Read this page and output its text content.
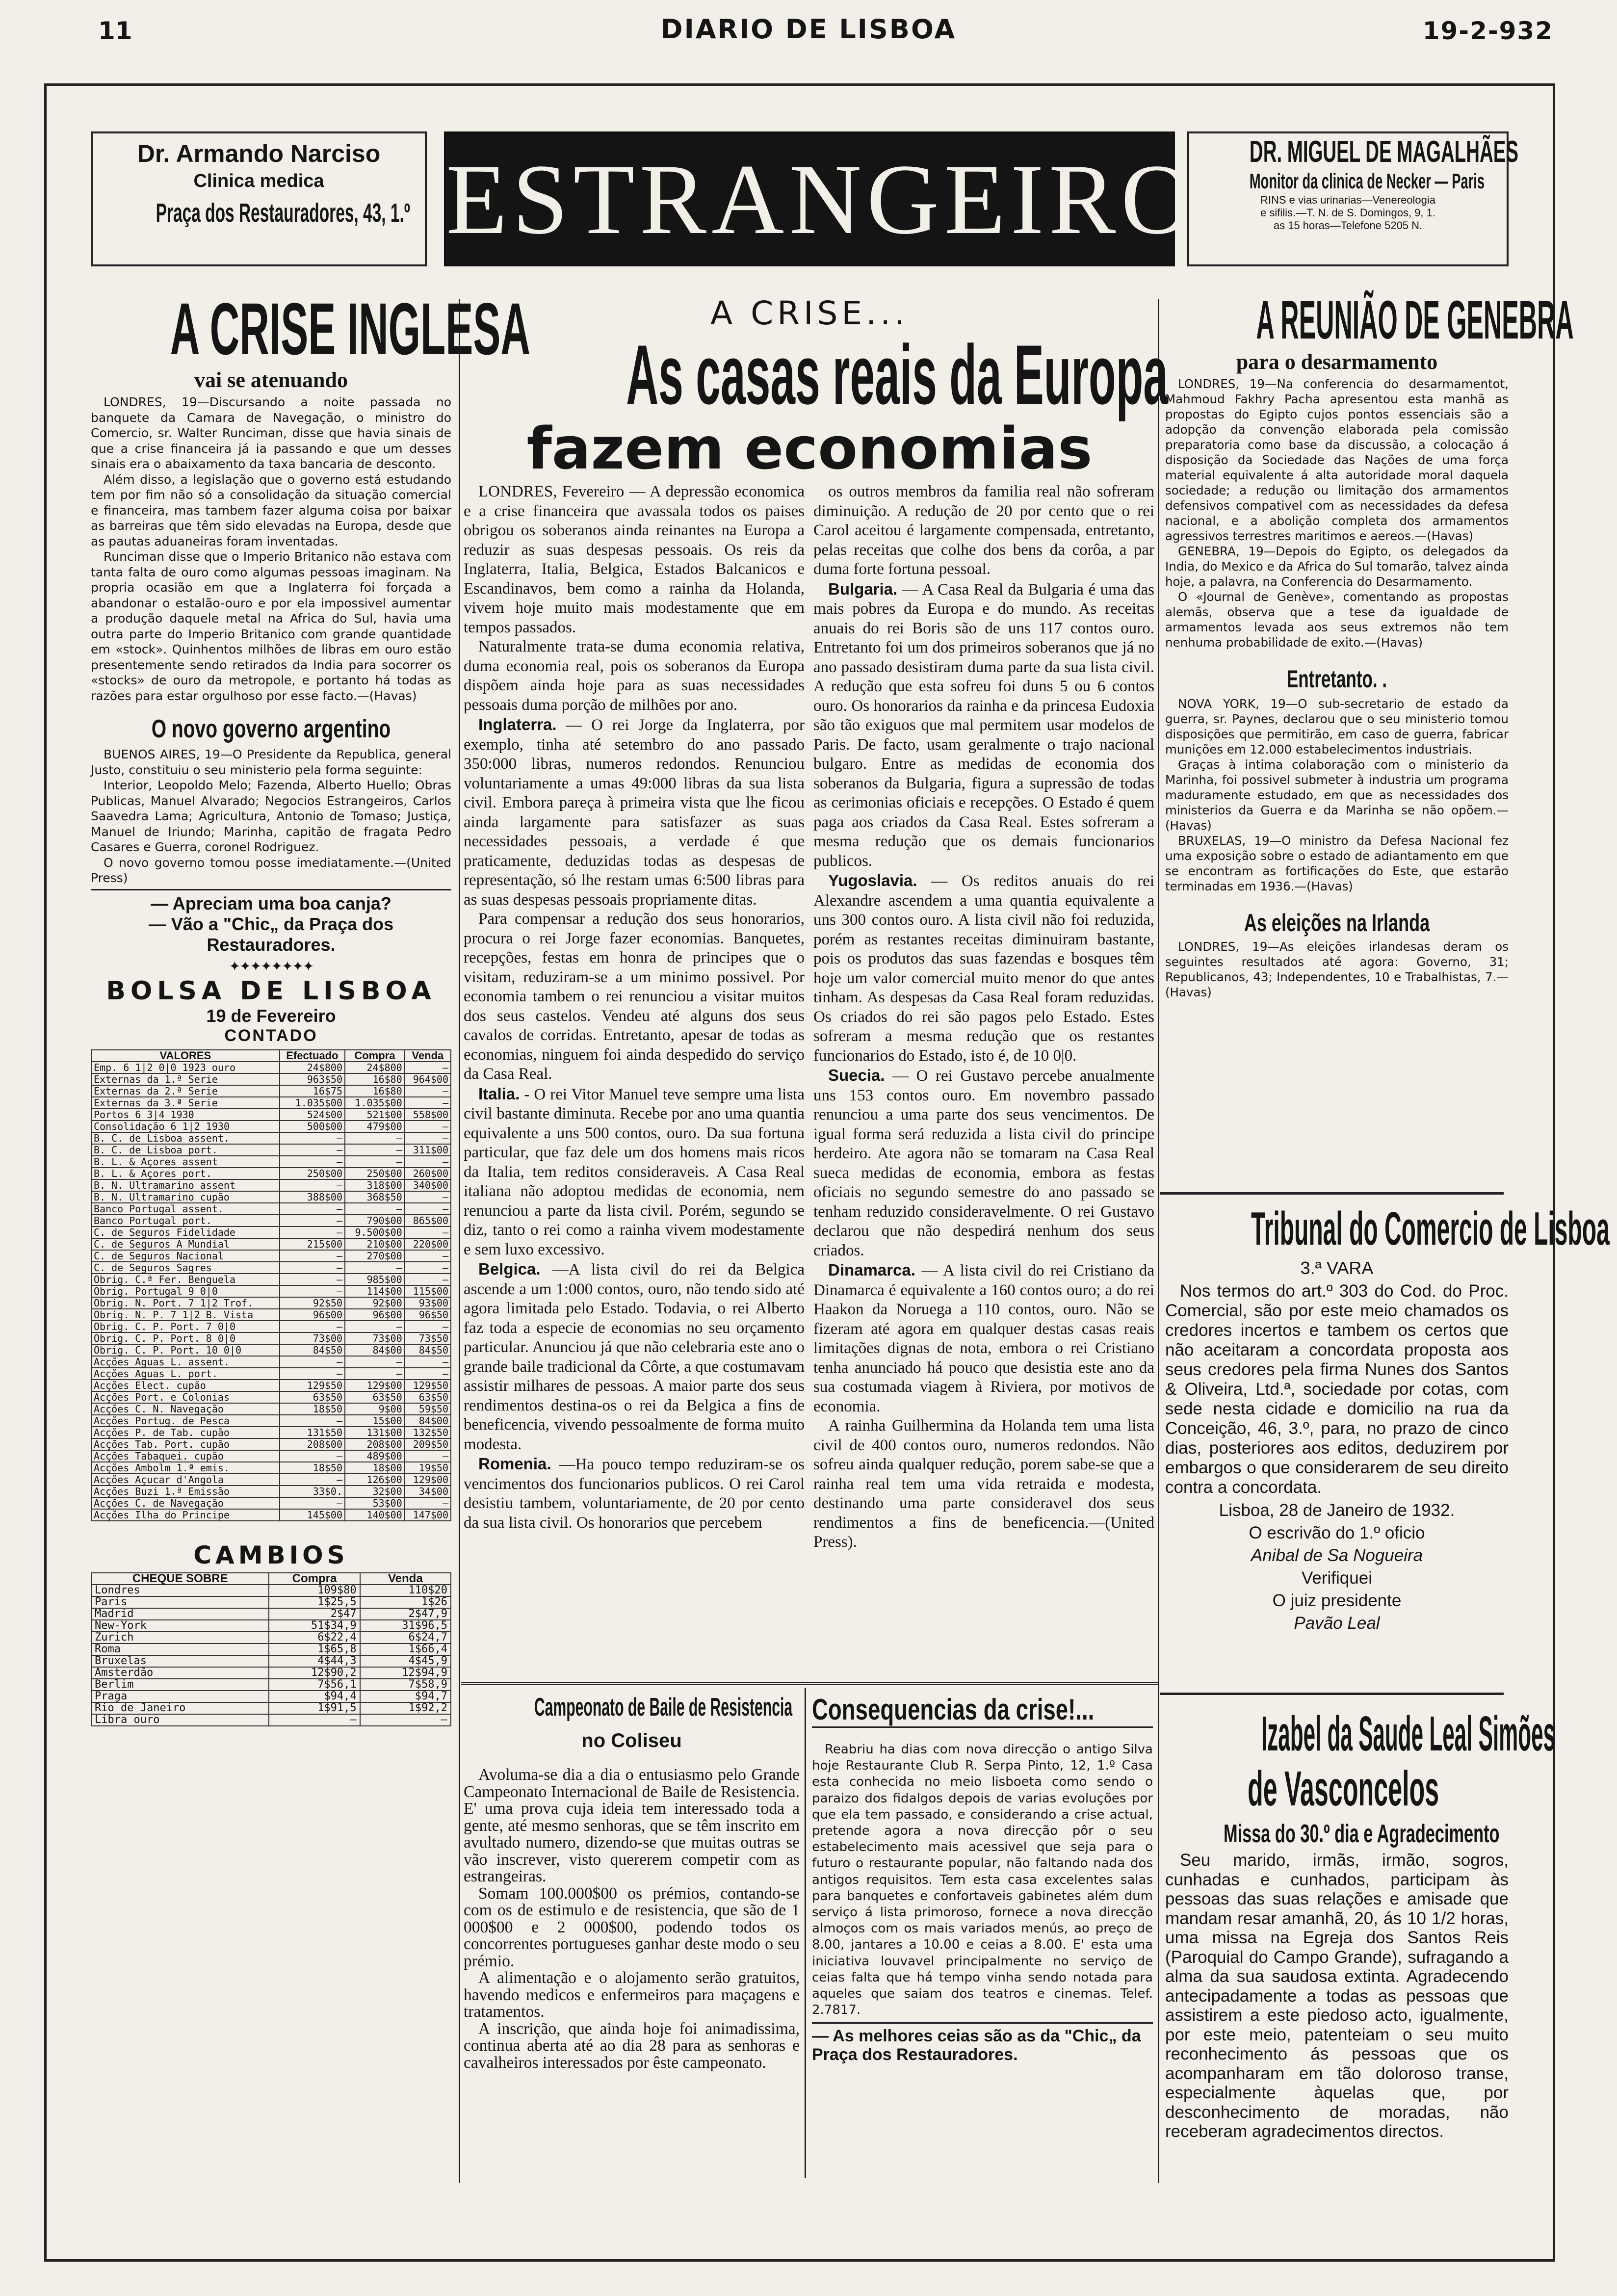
11	DIARIO DE LISBOA	19-2-932
Dr. Armando Narciso
Clinica medica
Praça dos Restauradores, 43, 1.º ESTRANGEIRO DR. MIGUEL DE MAGALHÃES
Monitor da clinica de Necker — Paris
RINS e vias urinarias—Venereologia
e sifilis.—T. N. de S. Domingos, 9, 1.
as 15 horas—Telefone 5205 N.
A CRISE INGLESA
vai se atenuando

LONDRES, 19—Discursando a noite passada no banquete da Camara de Navegação, o ministro do Comercio, sr. Walter Runciman, disse que havia sinais de que a crise financeira já ia passando e que um desses sinais era o abaixamento da taxa bancaria de desconto.

Além disso, a legislação que o governo está estudando tem por fim não só a consolidação da situação comercial e financeira, mas tambem fazer alguma coisa por baixar as barreiras que têm sido elevadas na Europa, desde que as pautas aduaneiras foram inventadas.

Runciman disse que o Imperio Britanico não estava com tanta falta de ouro como algumas pessoas imaginam. Na propria ocasião em que a Inglaterra foi forçada a abandonar o estalão-ouro e por ela impossivel aumentar a produção daquele metal na Africa do Sul, havia uma outra parte do Imperio Britanico com grande quantidade em «stock». Quinhentos milhões de libras em ouro estão presentemente sendo retirados da India para socorrer os «stocks» de ouro da metropole, e portanto há todas as razões para estar orgulhoso por esse facto.—(Havas)

O novo governo argentino

BUENOS AIRES, 19—O Presidente da Republica, general Justo, constituiu o seu ministerio pela forma seguinte:

Interior, Leopoldo Melo; Fazenda, Alberto Huello; Obras Publicas, Manuel Alvarado; Negocios Estrangeiros, Carlos Saavedra Lama; Agricultura, Antonio de Tomaso; Justiça, Manuel de Iriundo; Marinha, capitão de fragata Pedro Casares e Guerra, coronel Rodriguez.

O novo governo tomou posse imediatamente.—(United Press)

— Apreciam uma boa canja?
— Vão a "Chic„ da Praça dos Restauradores.
✦✦✦✦✦✦✦✦
BOLSA DE LISBOA
19 de Fevereiro
CONTADO
VALORES	Efectuado	Compra	Venda
Emp. 6 1|2 0|0 1923 ouro	24$800	24$800	—
Externas da 1.ª Serie	963$50	16$80	964$00
Externas da 2.ª Serie	16$75	16$80	—
Externas da 3.ª Serie	1.035$00	1.035$00	—
Portos 6 3|4 1930	524$00	521$00	558$00
Consolidação 6 1|2 1930	500$00	479$00	—
B. C. de Lisboa assent.	—	—	—
B. C. de Lisboa port.	—	—	311$00
B. L. & Açores assent	—	—	—
B. L. & Açores port.	250$00	250$00	260$00
B. N. Ultramarino assent	—	318$00	340$00
B. N. Ultramarino cupão	388$00	368$50	—
Banco Portugal assent.	—	—	—
Banco Portugal port.	—	790$00	865$00
C. de Seguros Fidelidade	—	9.500$00	—
C. de Seguros A Mundial	215$00	210$00	220$00
C. de Seguros Nacional	—	270$00	—
C. de Seguros Sagres	—	—	—
Obrig. C.ª Fer. Benguela	—	985$00	—
Obrig. Portugal 9 0|0	—	114$00	115$00
Obrig. N. Port. 7 1|2 Trof.	92$50	92$00	93$00
Obrig. N. P. 7 1|2 B. Vista	96$00	96$00	96$50
Obrig. C. P. Port. 7 0|0	—	—	—
Obrig. C. P. Port. 8 0|0	73$00	73$00	73$50
Obrig. C. P. Port. 10 0|0	84$50	84$00	84$50
Acções Aguas L. assent.	—	—	—
Acções Aguas L. port.	—	—	—
Acções Elect. cupão	129$50	129$00	129$50
Acções Port. e Colonias	63$50	63$50	63$50
Acções C. N. Navegação	18$50	9$00	59$50
Acções Portug. de Pesca	—	15$00	84$00
Acções P. de Tab. cupão	131$50	131$00	132$50
Acções Tab. Port. cupão	208$00	208$00	209$50
Acções Tabaquei. cupão	—	489$00	—
Acções Ambolm 1.ª emis.	18$50	18$00	19$50
Acções Açucar d'Angola	—	126$00	129$00
Acções Buzi 1.ª Emissão	33$0.	32$00	34$00
Acções C. de Navegação	—	53$00	—
Acções Ilha do Principe	145$00	140$00	147$00
CAMBIOS
CHEQUE SOBRE	Compra	Venda
Londres	109$80	110$20
Paris	1$25,5	1$26
Madrid	2$47	2$47,9
New-York	51$34,9	31$96,5
Zurich	6$22,4	6$24,7
Roma	1$65,8	1$66,4
Bruxelas	4$44,3	4$45,9
Amsterdão	12$90,2	12$94,9
Berlim	7$56,1	7$58,9
Praga	$94,4	$94,7
Rio de Janeiro	1$91,5	1$92,2
Libra ouro	—	—
A CRISE...
As casas reais da Europa
fazem economias

LONDRES, Fevereiro — A depressão economica e a crise financeira que avassala todos os paises obrigou os soberanos ainda reinantes na Europa a reduzir as suas despesas pessoais. Os reis da Inglaterra, Italia, Belgica, Estados Balcanicos e Escandinavos, bem como a rainha da Holanda, vivem hoje muito mais modestamente que em tempos passados.

Naturalmente trata-se duma economia relativa, duma economia real, pois os soberanos da Europa dispõem ainda hoje para as suas necessidades pessoais duma porção de milhões por ano.

Inglaterra. — O rei Jorge da Inglaterra, por exemplo, tinha até setembro do ano passado 350:000 libras, numeros redondos. Renunciou voluntariamente a umas 49:000 libras da sua lista civil. Embora pareça à primeira vista que lhe ficou ainda largamente para satisfazer as suas necessidades pessoais, a verdade é que praticamente, deduzidas todas as despesas de representação, só lhe restam umas 6:500 libras para as suas despesas pessoais propriamente ditas.

Para compensar a redução dos seus honorarios, procura o rei Jorge fazer economias. Banquetes, recepções, festas em honra de principes que o visitam, reduziram-se a um minimo possivel. Por economia tambem o rei renunciou a visitar muitos dos seus castelos. Vendeu até alguns dos seus cavalos de corridas. Entretanto, apesar de todas as economias, ninguem foi ainda despedido do serviço da Casa Real.

Italia. - O rei Vitor Manuel teve sempre uma lista civil bastante diminuta. Recebe por ano uma quantia equivalente a uns 500 contos, ouro. Da sua fortuna particular, que faz dele um dos homens mais ricos da Italia, tem reditos consideraveis. A Casa Real italiana não adoptou medidas de economia, nem renunciou a parte da lista civil. Porém, segundo se diz, tanto o rei como a rainha vivem modestamente e sem luxo excessivo.

Belgica. —A lista civil do rei da Belgica ascende a um 1:000 contos, ouro, não tendo sido até agora limitada pelo Estado. Todavia, o rei Alberto faz toda a especie de economias no seu orçamento particular. Anunciou já que não celebraria este ano o grande baile tradicional da Côrte, a que costumavam assistir milhares de pessoas. A maior parte dos seus rendimentos destina-os o rei da Belgica a fins de beneficencia, vivendo pessoalmente de forma muito modesta.

Romenia. —Ha pouco tempo reduziram-se os vencimentos dos funcionarios publicos. O rei Carol desistiu tambem, voluntariamente, de 20 por cento da sua lista civil. Os honorarios que percebem

os outros membros da familia real não sofreram diminuição. A redução de 20 por cento que o rei Carol aceitou é largamente compensada, entretanto, pelas receitas que colhe dos bens da corôa, a par duma forte fortuna pessoal.

Bulgaria. — A Casa Real da Bulgaria é uma das mais pobres da Europa e do mundo. As receitas anuais do rei Boris são de uns 117 contos ouro. Entretanto foi um dos primeiros soberanos que já no ano passado desistiram duma parte da sua lista civil. A redução que esta sofreu foi duns 5 ou 6 contos ouro. Os honorarios da rainha e da princesa Eudoxia são tão exiguos que mal permitem usar modelos de Paris. De facto, usam geralmente o trajo nacional bulgaro. Entre as medidas de economia dos soberanos da Bulgaria, figura a supressão de todas as cerimonias oficiais e recepções. O Estado é quem paga aos criados da Casa Real. Estes sofreram a mesma redução que os demais funcionarios publicos.

Yugoslavia. — Os reditos anuais do rei Alexandre ascendem a uma quantia equivalente a uns 300 contos ouro. A lista civil não foi reduzida, porém as restantes receitas diminuiram bastante, pois os produtos das suas fazendas e bosques têm hoje um valor comercial muito menor do que antes tinham. As despesas da Casa Real foram reduzidas. Os criados do rei são pagos pelo Estado. Estes sofreram a mesma redução que os restantes funcionarios do Estado, isto é, de 10 0|0.

Suecia. — O rei Gustavo percebe anualmente uns 153 contos ouro. Em novembro passado renunciou a uma parte dos seus vencimentos. De igual forma será reduzida a lista civil do principe herdeiro. Ate agora não se tomaram na Casa Real sueca medidas de economia, embora as festas oficiais no segundo semestre do ano passado se tenham reduzido consideravelmente. O rei Gustavo declarou que não despedirá nenhum dos seus criados.

Dinamarca. — A lista civil do rei Cristiano da Dinamarca é equivalente a 160 contos ouro; a do rei Haakon da Noruega a 110 contos, ouro. Não se fizeram até agora em qualquer destas casas reais limitações dignas de nota, embora o rei Cristiano tenha anunciado há pouco que desistia este ano da sua costumada viagem à Riviera, por motivos de economia.

A rainha Guilhermina da Holanda tem uma lista civil de 400 contos ouro, numeros redondos. Não sofreu ainda qualquer redução, porem sabe-se que a rainha real tem uma vida retraida e modesta, destinando uma parte consideravel dos seus rendimentos a fins de beneficencia.—(United Press).

Campeonato de Baile de Resistencia
no Coliseu

Avoluma-se dia a dia o entusiasmo pelo Grande Campeonato Internacional de Baile de Resistencia. E' uma prova cuja ideia tem interessado toda a gente, até mesmo senhoras, que se têm inscrito em avultado numero, dizendo-se que muitas outras se vão inscrever, visto quererem competir com as estrangeiras.

Somam 100.000$00 os prémios, contando-se com os de estimulo e de resistencia, que são de 1 000$00 e 2 000$00, podendo todos os concorrentes portugueses ganhar deste modo o seu prémio.

A alimentação e o alojamento serão gratuitos, havendo medicos e enfermeiros para maçagens e tratamentos.

A inscrição, que ainda hoje foi animadissima, continua aberta até ao dia 28 para as senhoras e cavalheiros interessados por êste campeonato.

Consequencias da crise!...

Reabriu ha dias com nova direcção o antigo Silva hoje Restaurante Club R. Serpa Pinto, 12, 1.º Casa esta conhecida no meio lisboeta como sendo o paraizo dos fidalgos depois de varias evoluções por que ela tem passado, e considerando a crise actual, pretende agora a nova direcção pôr o seu estabelecimento mais acessivel que seja para o futuro o restaurante popular, não faltando nada dos antigos requisitos. Tem esta casa excelentes salas para banquetes e confortaveis gabinetes além dum serviço á lista primoroso, fornece a nova direcção almoços com os mais variados menús, ao preço de 8.00, jantares a 10.00 e ceias a 8.00. E' esta uma iniciativa louvavel principalmente no serviço de ceias falta que há tempo vinha sendo notada para aqueles que saiam dos teatros e cinemas. Telef. 2.7817.

— As melhores ceias são as da "Chic„ da Praça dos Restauradores.
A REUNIÃO DE GENEBRA
para o desarmamento

LONDRES, 19—Na conferencia do desarmamentot, Mahmoud Fakhry Pacha apresentou esta manhã as propostas do Egipto cujos pontos essenciais são a adopção da convenção elaborada pela comissão preparatoria como base da discussão, a colocação á disposição da Sociedade das Nações de uma força material equivalente á alta autoridade moral daquela sociedade; a redução ou limitação dos armamentos defensivos compativel com as necessidades da defesa nacional, e a abolição completa dos armamentos agressivos terrestres maritimos e aereos.—(Havas)

GENEBRA, 19—Depois do Egipto, os delegados da India, do Mexico e da Africa do Sul tomarão, talvez ainda hoje, a palavra, na Conferencia do Desarmamento.

O «Journal de Genève», comentando as propostas alemãs, observa que a tese da igualdade de armamentos levada aos seus extremos não tem nenhuma probabilidade de exito.—(Havas)

Entretanto. .

NOVA YORK, 19—O sub-secretario de estado da guerra, sr. Paynes, declarou que o seu ministerio tomou disposições que permitirão, em caso de guerra, fabricar munições em 12.000 estabelecimentos industriais.

Graças à intima colaboração com o ministerio da Marinha, foi possivel submeter à industria um programa maduramente estudado, em que as necessidades dos ministerios da Guerra e da Marinha se não opõem.—(Havas)

BRUXELAS, 19—O ministro da Defesa Nacional fez uma exposição sobre o estado de adiantamento em que se encontram as fortificações do Este, que estarão terminadas em 1936.—(Havas)

As eleições na Irlanda

LONDRES, 19—As eleições irlandesas deram os seguintes resultados até agora: Governo, 31; Republicanos, 43; Independentes, 10 e Trabalhistas, 7.—(Havas)

Tribunal do Comercio de Lisboa
3.ª VARA

Nos termos do art.º 303 do Cod. do Proc. Comercial, são por este meio chamados os credores incertos e tambem os certos que não aceitaram a concordata proposta aos seus credores pela firma Nunes dos Santos & Oliveira, Ltd.ª, sociedade por cotas, com sede nesta cidade e domicilio na rua da Conceição, 46, 3.º, para, no prazo de cinco dias, posteriores aos editos, deduzirem por embargos o que considerarem de seu direito contra a concordata.

Lisboa, 28 de Janeiro de 1932.
O escrivão do 1.º oficio
Anibal de Sa Nogueira
Verifiquei
O juiz presidente
Pavão Leal
Izabel da Saude Leal Simões
de Vasconcelos
Missa do 30.º dia e Agradecimento

Seu marido, irmãs, irmão, sogros, cunhadas e cunhados, participam às pessoas das suas relações e amisade que mandam resar amanhã, 20, ás 10 1/2 horas, uma missa na Egreja dos Santos Reis (Paroquial do Campo Grande), sufragando a alma da sua saudosa extinta. Agradecendo antecipadamente a todas as pessoas que assistirem a este piedoso acto, igualmente, por este meio, patenteiam o seu muito reconhecimento ás pessoas que os acompanharam em tão doloroso transe, especialmente àquelas que, por desconhecimento de moradas, não receberam agradecimentos directos.
